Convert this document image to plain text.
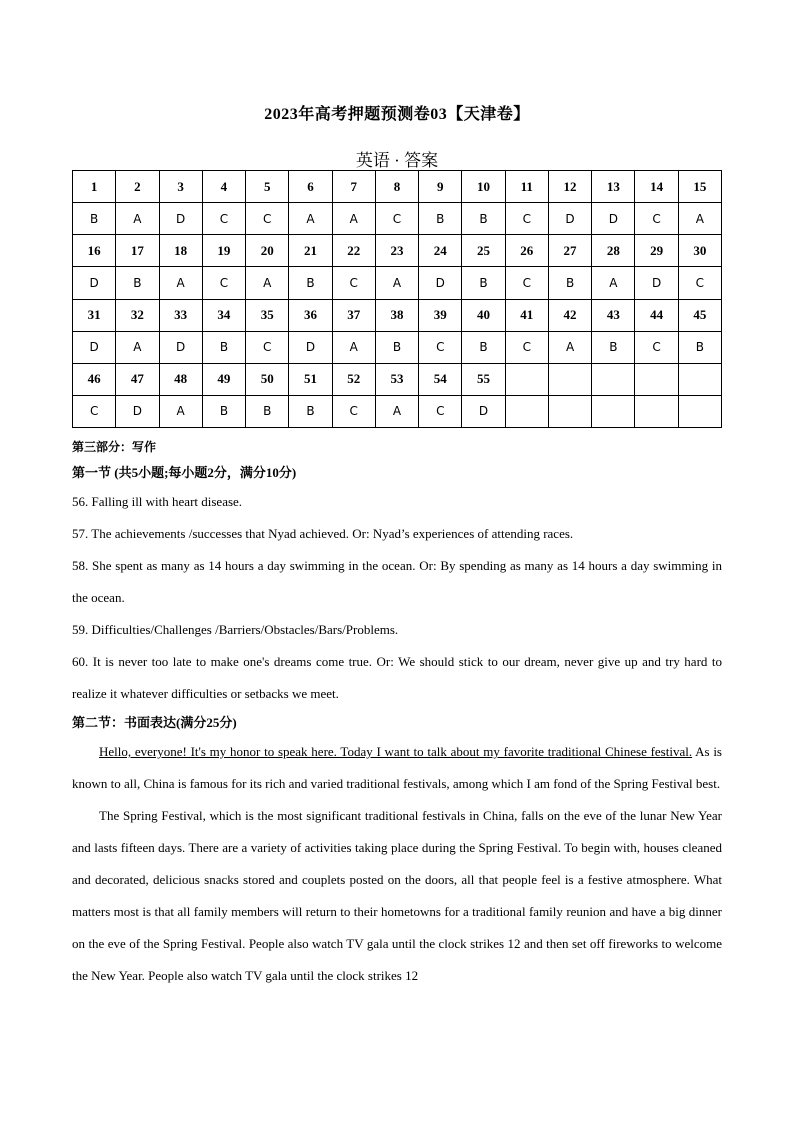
2023年高考押题预测卷03【天津卷】
英语 · 答案
1	2	3	4	5	6	7	8	9	10	11	12	13	14	15
B	A	D	C	C	A	A	C	B	B	C	D	D	C	A
16	17	18	19	20	21	22	23	24	25	26	27	28	29	30
D	B	A	C	A	B	C	A	D	B	C	B	A	D	C
31	32	33	34	35	36	37	38	39	40	41	42	43	44	45
D	A	D	B	C	D	A	B	C	B	C	A	B	C	B
46	47	48	49	50	51	52	53	54	55					
C	D	A	B	B	B	C	A	C	D					

第三部分：写作

第一节 (共5小题;每小题2分，满分10分)

56. Falling ill with heart disease.

57. The achievements /successes that Nyad achieved. Or: Nyad’s experiences of attending races.

58. She spent as many as 14 hours a day swimming in the ocean. Or: By spending as many as 14 hours a day swimming in the ocean.

59. Difficulties/Challenges /Barriers/Obstacles/Bars/Problems.

60. It is never too late to make one's dreams come true. Or: We should stick to our dream, never give up and try hard to realize it whatever difficulties or setbacks we meet.

第二节：书面表达(满分25分)

Hello, everyone! It's my honor to speak here. Today I want to talk about my favorite traditional Chinese festival. As is known to all, China is famous for its rich and varied traditional festivals, among which I am fond of the Spring Festival best.

The Spring Festival, which is the most significant traditional festivals in China, falls on the eve of the lunar New Year and lasts fifteen days. There are a variety of activities taking place during the Spring Festival. To begin with, houses cleaned and decorated, delicious snacks stored and couplets posted on the doors, all that people feel is a festive atmosphere. What matters most is that all family members will return to their hometowns for a traditional family reunion and have a big dinner on the eve of the Spring Festival. People also watch TV gala until the clock strikes 12 and then set off fireworks to welcome the New Year. People also watch TV gala until the clock strikes 12
